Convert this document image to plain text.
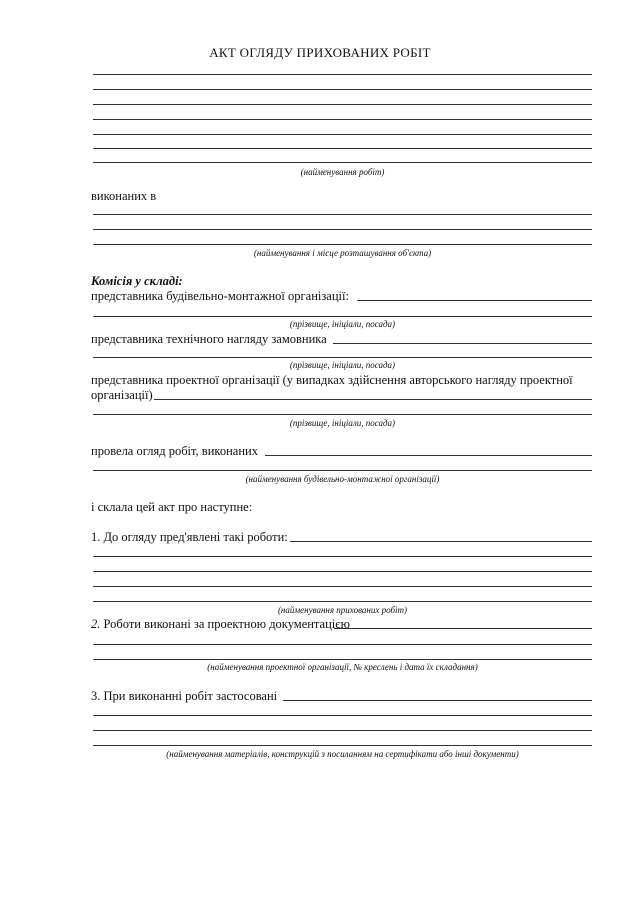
АКТ ОГЛЯДУ ПРИХОВАНИХ РОБІТ
(найменування робіт)
виконаних в
(найменування і місце розташування об'єкта)
Комісія у складі:
представника будівельно-монтажної організації:
(прізвище, ініціали, посада)
представника технічного нагляду замовника
(прізвище, ініціали, посада)
представника проектної організації (у випадках здійснення авторського нагляду проектної
організації)
(прізвище, ініціали, посада)
провела огляд робіт, виконаних
(найменування будівельно-монтажної організації)
і склала цей акт про наступне:
1. До огляду пред'явлені такі роботи:
(найменування прихованих робіт)
2. Роботи виконані за проектною документацією
(найменування проектної організації, № креслень і дата їх складання)
3. При виконанні робіт застосовані
(найменування матеріалів, конструкцій з посиланням на сертифікати або інші документи)
